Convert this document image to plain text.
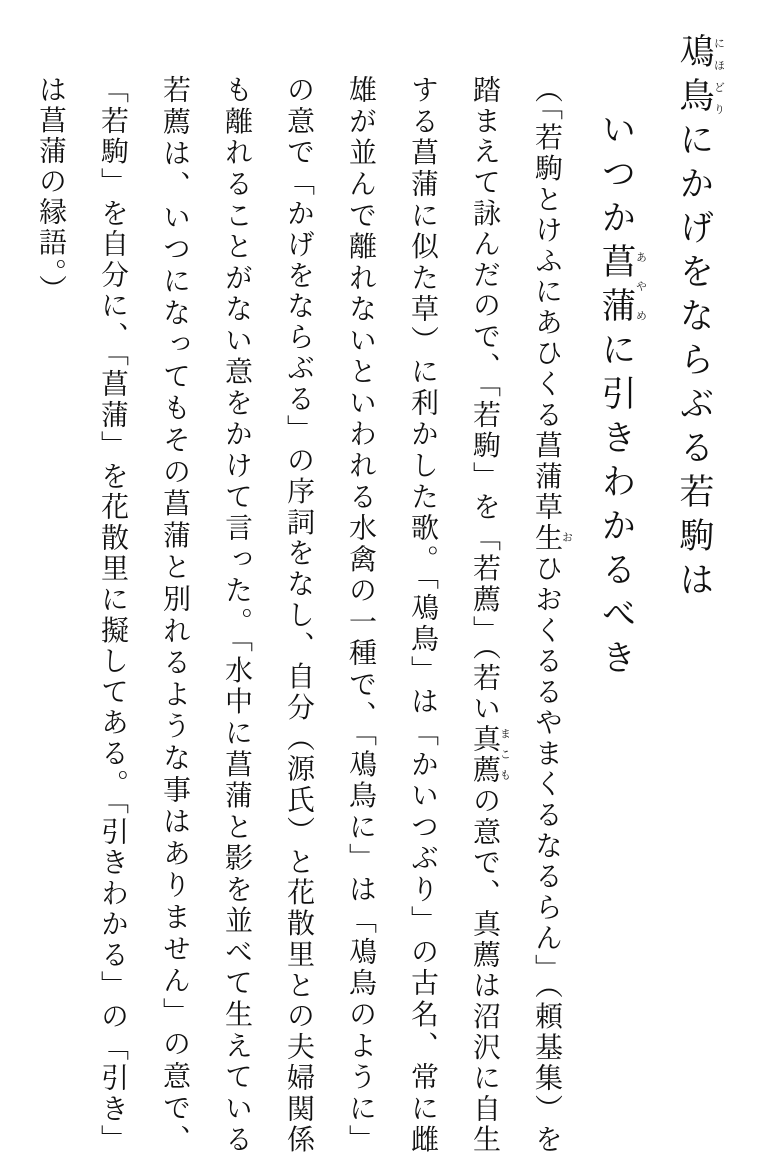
鳰鳥にほどりにかげをならぶる若駒は
いつか菖蒲あやめに引きわかるべき
（「若駒とけふにあひくる菖蒲草生おひおくるるやまくるなるらん」（頼基集）を踏まえて詠んだので、「若駒」を「若薦」（若い真薦まこもの意で、真薦は沼沢に自生する菖蒲に似た草）に利かした歌。「鳰鳥」は「かいつぶり」の古名、常に雌雄が並んで離れないといわれる水禽の一種で、「鳰鳥に」は「鳰鳥のように」の意で「かげをならぶる」の序詞をなし、自分（源氏）と花散里との夫婦関係も離れることがない意をかけて言った。「水中に菖蒲と影を並べて生えている若薦は、いつになってもその菖蒲と別れるような事はありません」の意で、「若駒」を自分に、「菖蒲」を花散里に擬してある。「引きわかる」の「引き」は菖蒲の縁語。）
